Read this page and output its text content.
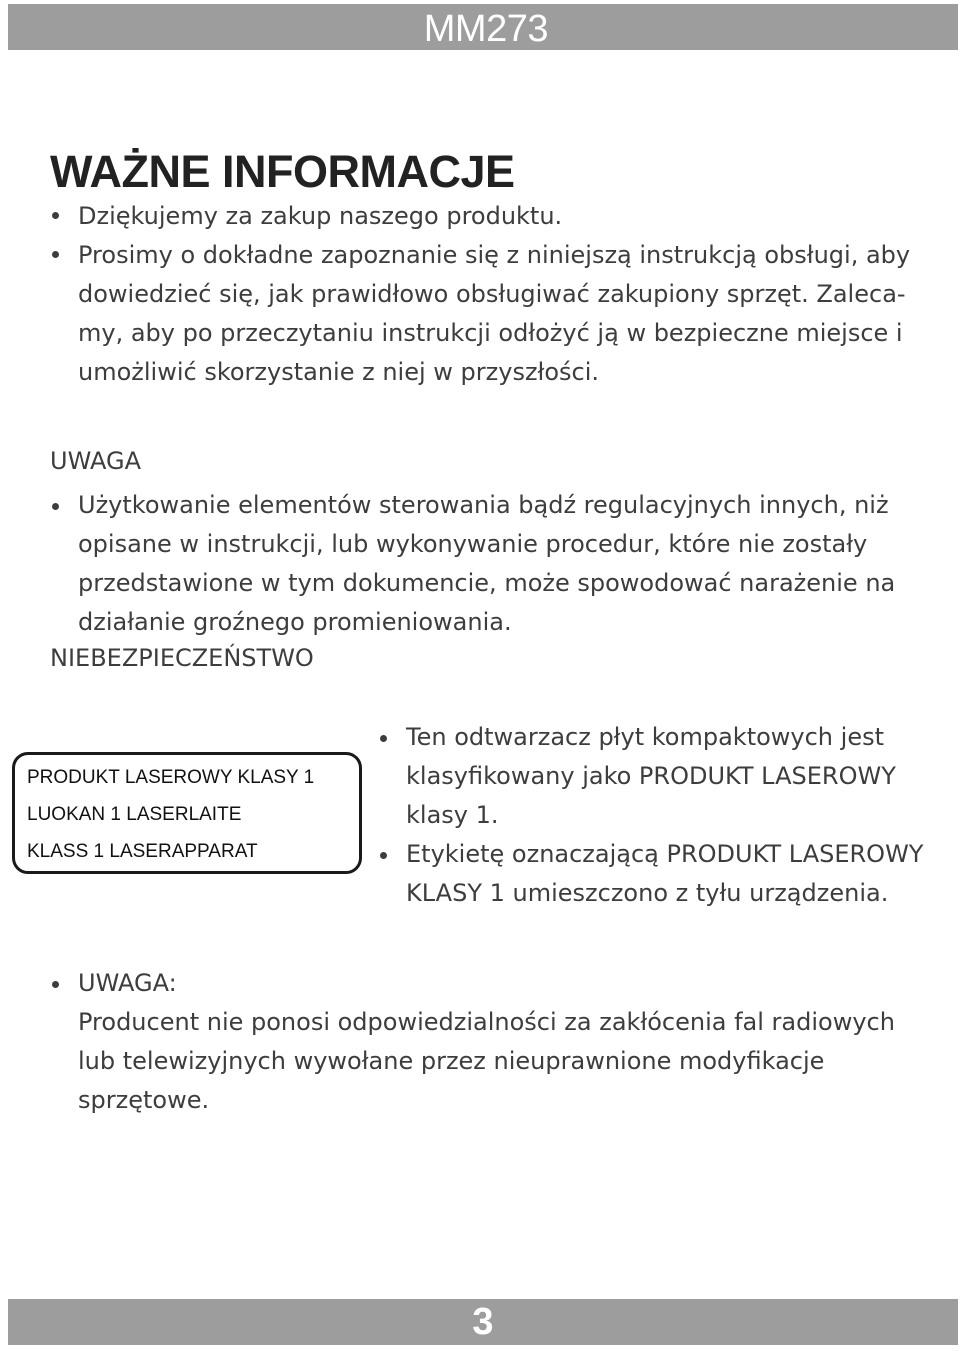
MM273
WAŻNE INFORMACJE
Dziękujemy za zakup naszego produktu.
Prosimy o dokładne zapoznanie się z niniejszą instrukcją obsługi, aby
dowiedzieć się, jak prawidłowo obsługiwać zakupiony sprzęt. Zaleca-
my, aby po przeczytaniu instrukcji odłożyć ją w bezpieczne miejsce i
umożliwić skorzystanie z niej w przyszłości.
UWAGA
Użytkowanie elementów sterowania bądź regulacyjnych innych, niż
opisane w instrukcji, lub wykonywanie procedur, które nie zostały
przedstawione w tym dokumencie, może spowodować narażenie na
działanie groźnego promieniowania.
NIEBEZPIECZEŃSTWO
PRODUKT LASEROWY KLASY 1
LUOKAN 1 LASERLAITE
KLASS 1 LASERAPPARAT
Ten odtwarzacz płyt kompaktowych jest
klasyfikowany jako PRODUKT LASEROWY
klasy 1.
Etykietę oznaczającą PRODUKT LASEROWY
KLASY 1 umieszczono z tyłu urządzenia.
UWAGA:
Producent nie ponosi odpowiedzialności za zakłócenia fal radiowych
lub telewizyjnych wywołane przez nieuprawnione modyfikacje
sprzętowe.
3
